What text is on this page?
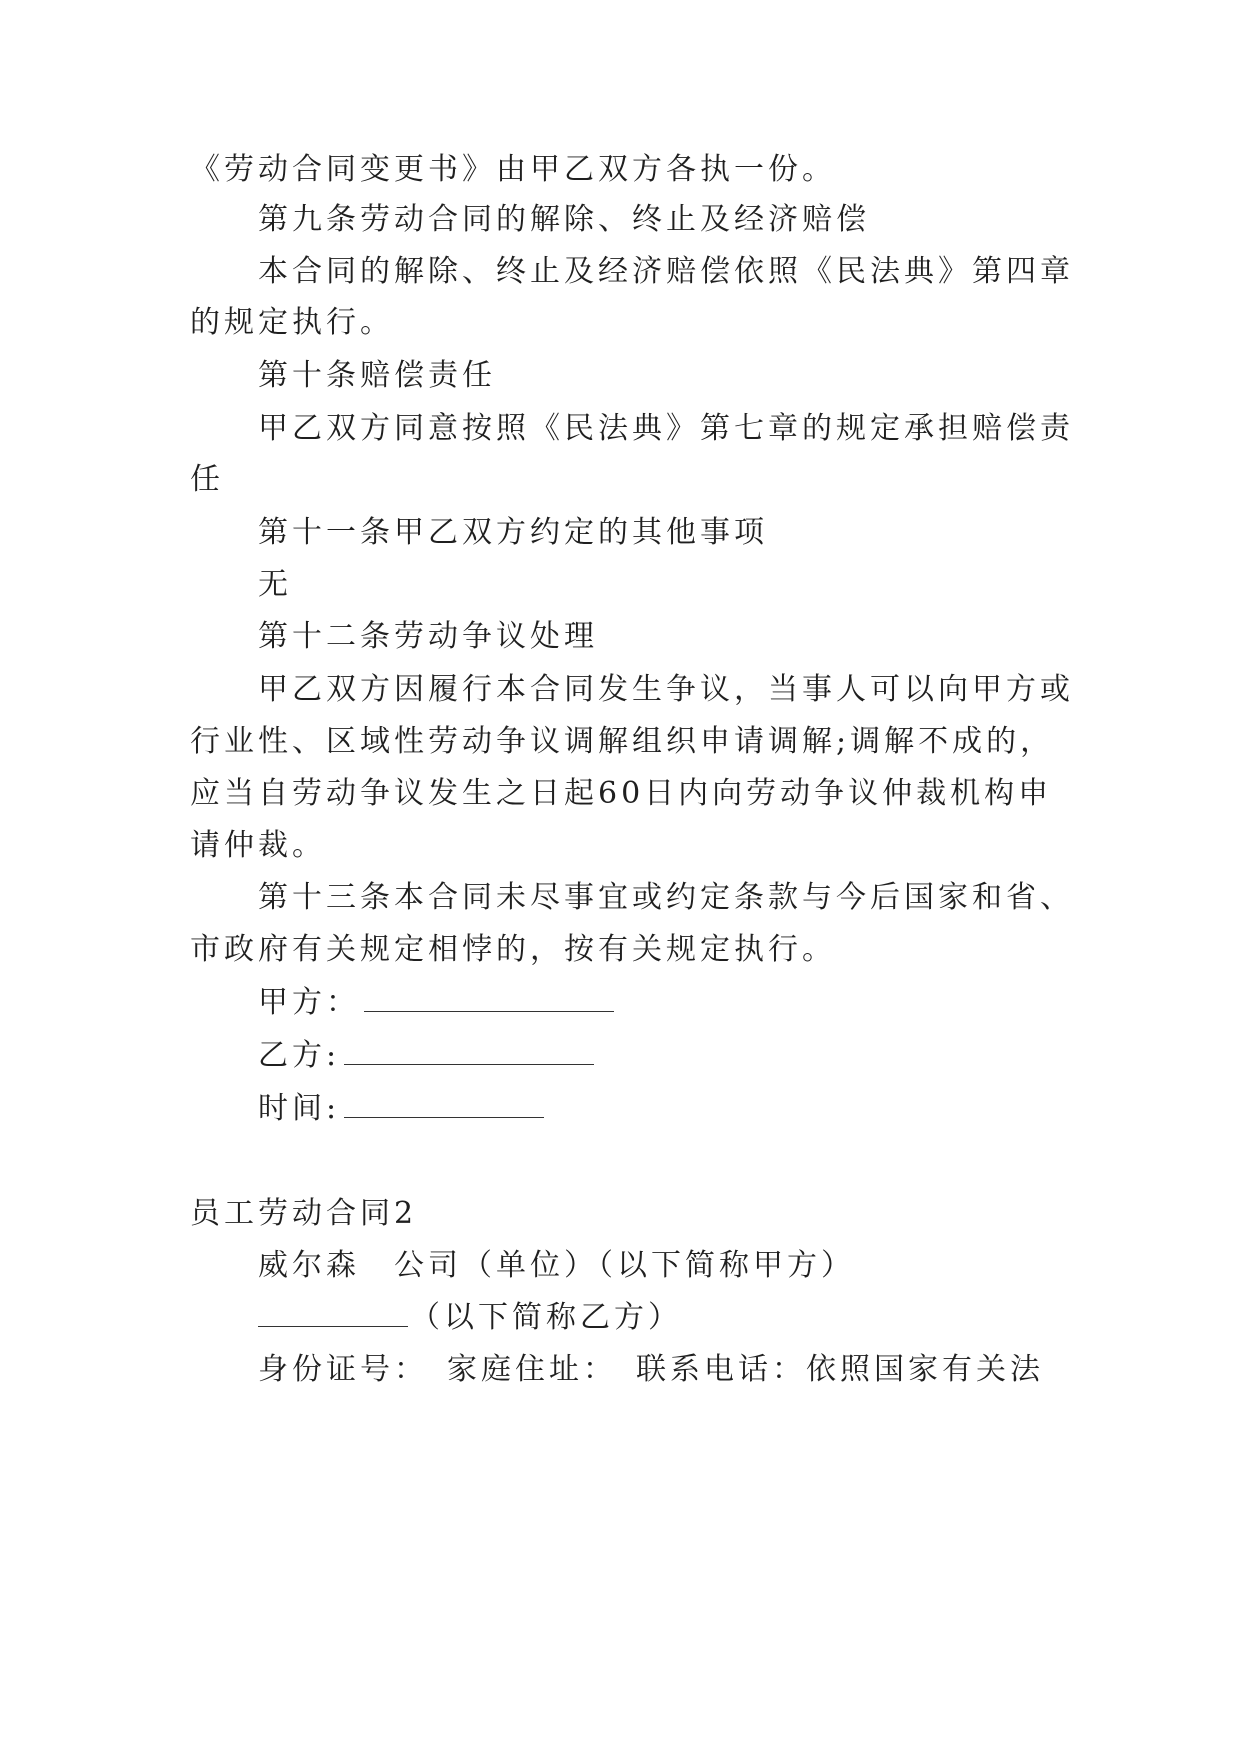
《劳动合同变更书》由甲乙双方各执一份。
第九条劳动合同的解除、终止及经济赔偿
本合同的解除、终止及经济赔偿依照《民法典》第四章
的规定执行。
第十条赔偿责任
甲乙双方同意按照《民法典》第七章的规定承担赔偿责
任
第十一条甲乙双方约定的其他事项
无
第十二条劳动争议处理
甲乙双方因履行本合同发生争议，当事人可以向甲方或
行业性、区域性劳动争议调解组织申请调解;调解不成的，
应当自劳动争议发生之日起60日内向劳动争议仲裁机构申
请仲裁。
第十三条本合同未尽事宜或约定条款与今后国家和省、
市政府有关规定相悖的，按有关规定执行。
甲方：
乙方:
时间:
员工劳动合同2
威尔森　公司（单位）（以下简称甲方）
（以下简称乙方）
身份证号：　家庭住址：　联系电话：依照国家有关法
